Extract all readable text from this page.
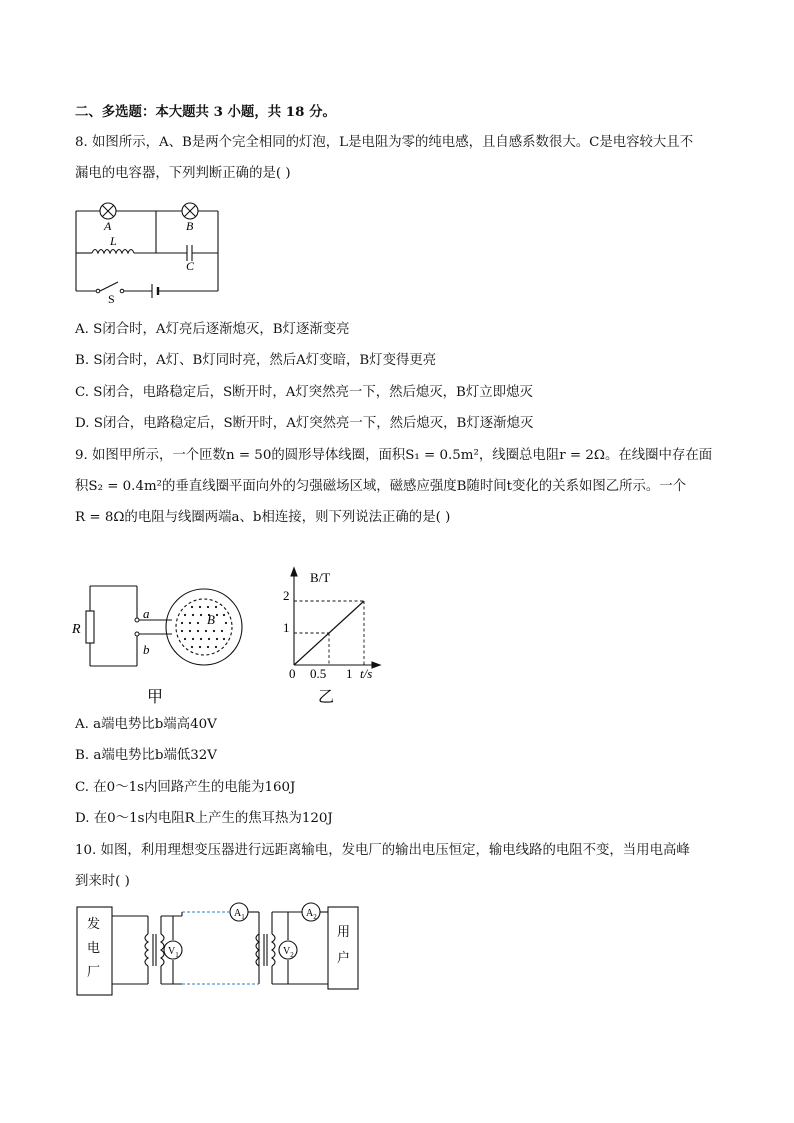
二、多选题：本大题共 3 小题，共 18 分。
8. 如图所示，A、B是两个完全相同的灯泡，L是电阻为零的纯电感，且自感系数很大。C是电容较大且不
漏电的电容器，下列判断正确的是( )
A	B
L
C
S
A. S闭合时，A灯亮后逐渐熄灭，B灯逐渐变亮
B. S闭合时，A灯、B灯同时亮，然后A灯变暗，B灯变得更亮
C. S闭合，电路稳定后，S断开时，A灯突然亮一下，然后熄灭，B灯立即熄灭
D. S闭合，电路稳定后，S断开时，A灯突然亮一下，然后熄灭，B灯逐渐熄灭
9. 如图甲所示，一个匝数n = 50的圆形导体线圈，面积S₁ = 0.5m²，线圈总电阻r = 2Ω。在线圈中存在面
积S₂ = 0.4m²的垂直线圈平面向外的匀强磁场区域，磁感应强度B随时间t变化的关系如图乙所示。一个
R = 8Ω的电阻与线圈两端a、b相连接，则下列说法正确的是( )
R
a
b
B
甲
B/T
2
1
0 0.5 1 t/s
乙
A. a端电势比b端高40V
B. a端电势比b端低32V
C. 在0～1s内回路产生的电能为160J
D. 在0～1s内电阻R上产生的焦耳热为120J
10. 如图，利用理想变压器进行远距离输电，发电厂的输出电压恒定，输电线路的电阻不变，当用电高峰
到来时( )
发
电
厂
用
户
$V_1$	$V_2$
$A_1$	$A_2$
